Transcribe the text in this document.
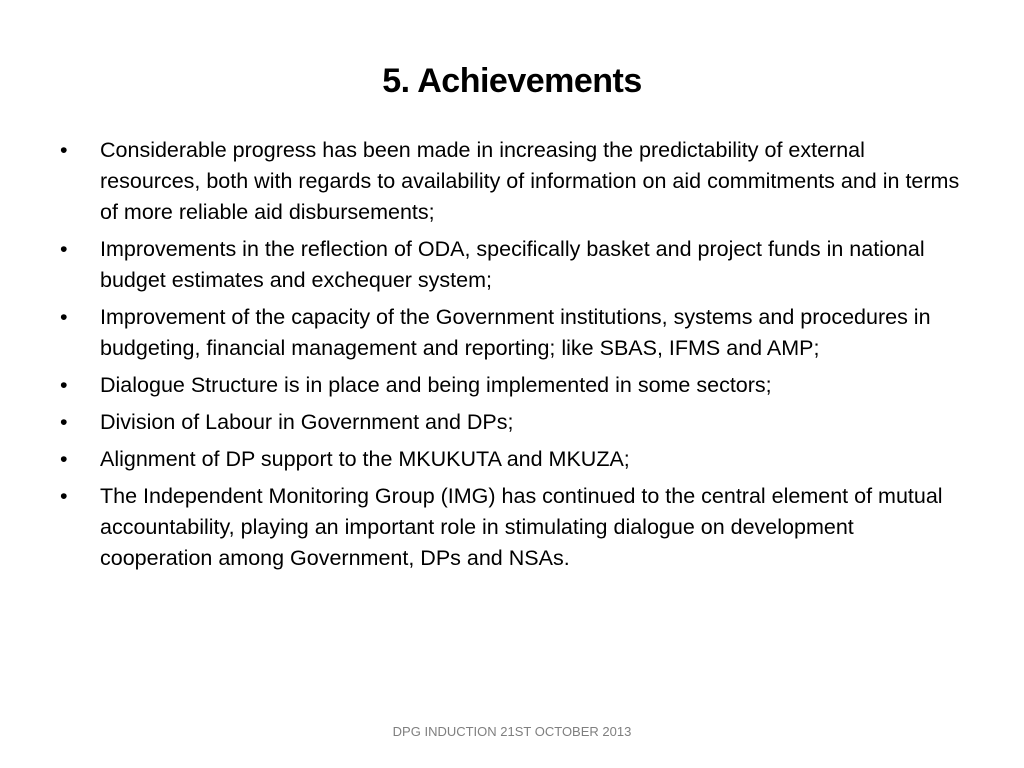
5. Achievements
•	Considerable progress has been made in increasing the predictability of external resources, both with regards to availability of information on aid commitments and in terms of more reliable aid disbursements;
•	Improvements in the reflection of ODA, specifically basket and project funds in national budget estimates and exchequer system;
•	Improvement of the capacity of the Government institutions, systems and procedures in budgeting, financial management and reporting; like SBAS, IFMS and AMP;
•	Dialogue Structure is in place and being implemented in some sectors;
•	Division of Labour in Government and DPs;
•	Alignment of DP support to the MKUKUTA and MKUZA;
•	The Independent Monitoring Group (IMG) has continued to the central element of mutual accountability, playing an important role in stimulating dialogue on development cooperation among Government, DPs and NSAs.
DPG INDUCTION 21ST OCTOBER 2013
